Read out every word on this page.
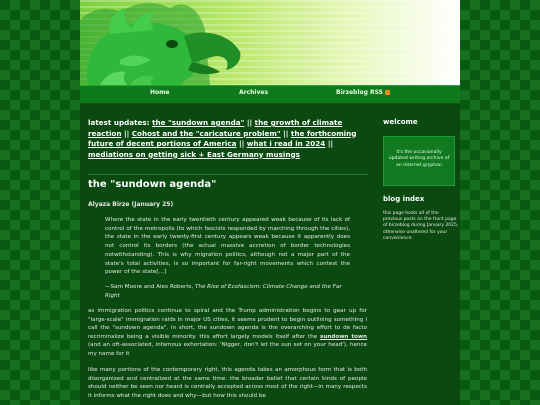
Home	Archives	Birzeblog RSS
latest updates: the "sundown agenda" || the growth of climate reaction || Cohost and the "caricature problem" || the forthcoming future of decent portions of America || what i read in 2024 || mediations on getting sick + East Germany musings
the "sundown agenda"
Alyaza Birze (January 25)
Where the state in the early twentieth century appeared weak because of its lack of control of the metropolis (to which fascists responded by marching through the cities), the state in the early twenty-first century appears weak because it apparently does not control its borders (the actual massive accretion of border technologies notwithstanding). This is why migration politics, although not a major part of the state's total activities, is so important for far-right movements which contest the power of the state[...]
—Sam Moore and Alex Roberts, The Rise of Ecofascism: Climate Change and the Far Right
as immigration politics continue to spiral and the Trump administration begins to gear up for "large-scale" immigration raids in major US cities, it seems prudent to begin outlining something i call the "sundown agenda". in short, the sundown agenda is the overarching effort to de facto recriminalize being a visible minority. this effort largely models itself after the sundown town (and an oft-associated, infamous exhortation: 'Nigger, don't let the sun set on your head'), hence my name for it
like many portions of the contemporary right, this agenda takes an amorphous form that is both disorganized and centralized at the same time. the broader belief that certain kinds of people should neither be seen nor heard is centrally accepted across most of the right—in many respects it informs what the right does and why—but how this should be
welcome

it's the occasionally updated writing archive of an internet gryphon

blog index
this page hosts all of the previous posts on the front page of birzeblog during January 2025, otherwise unaltered for your convenience.
